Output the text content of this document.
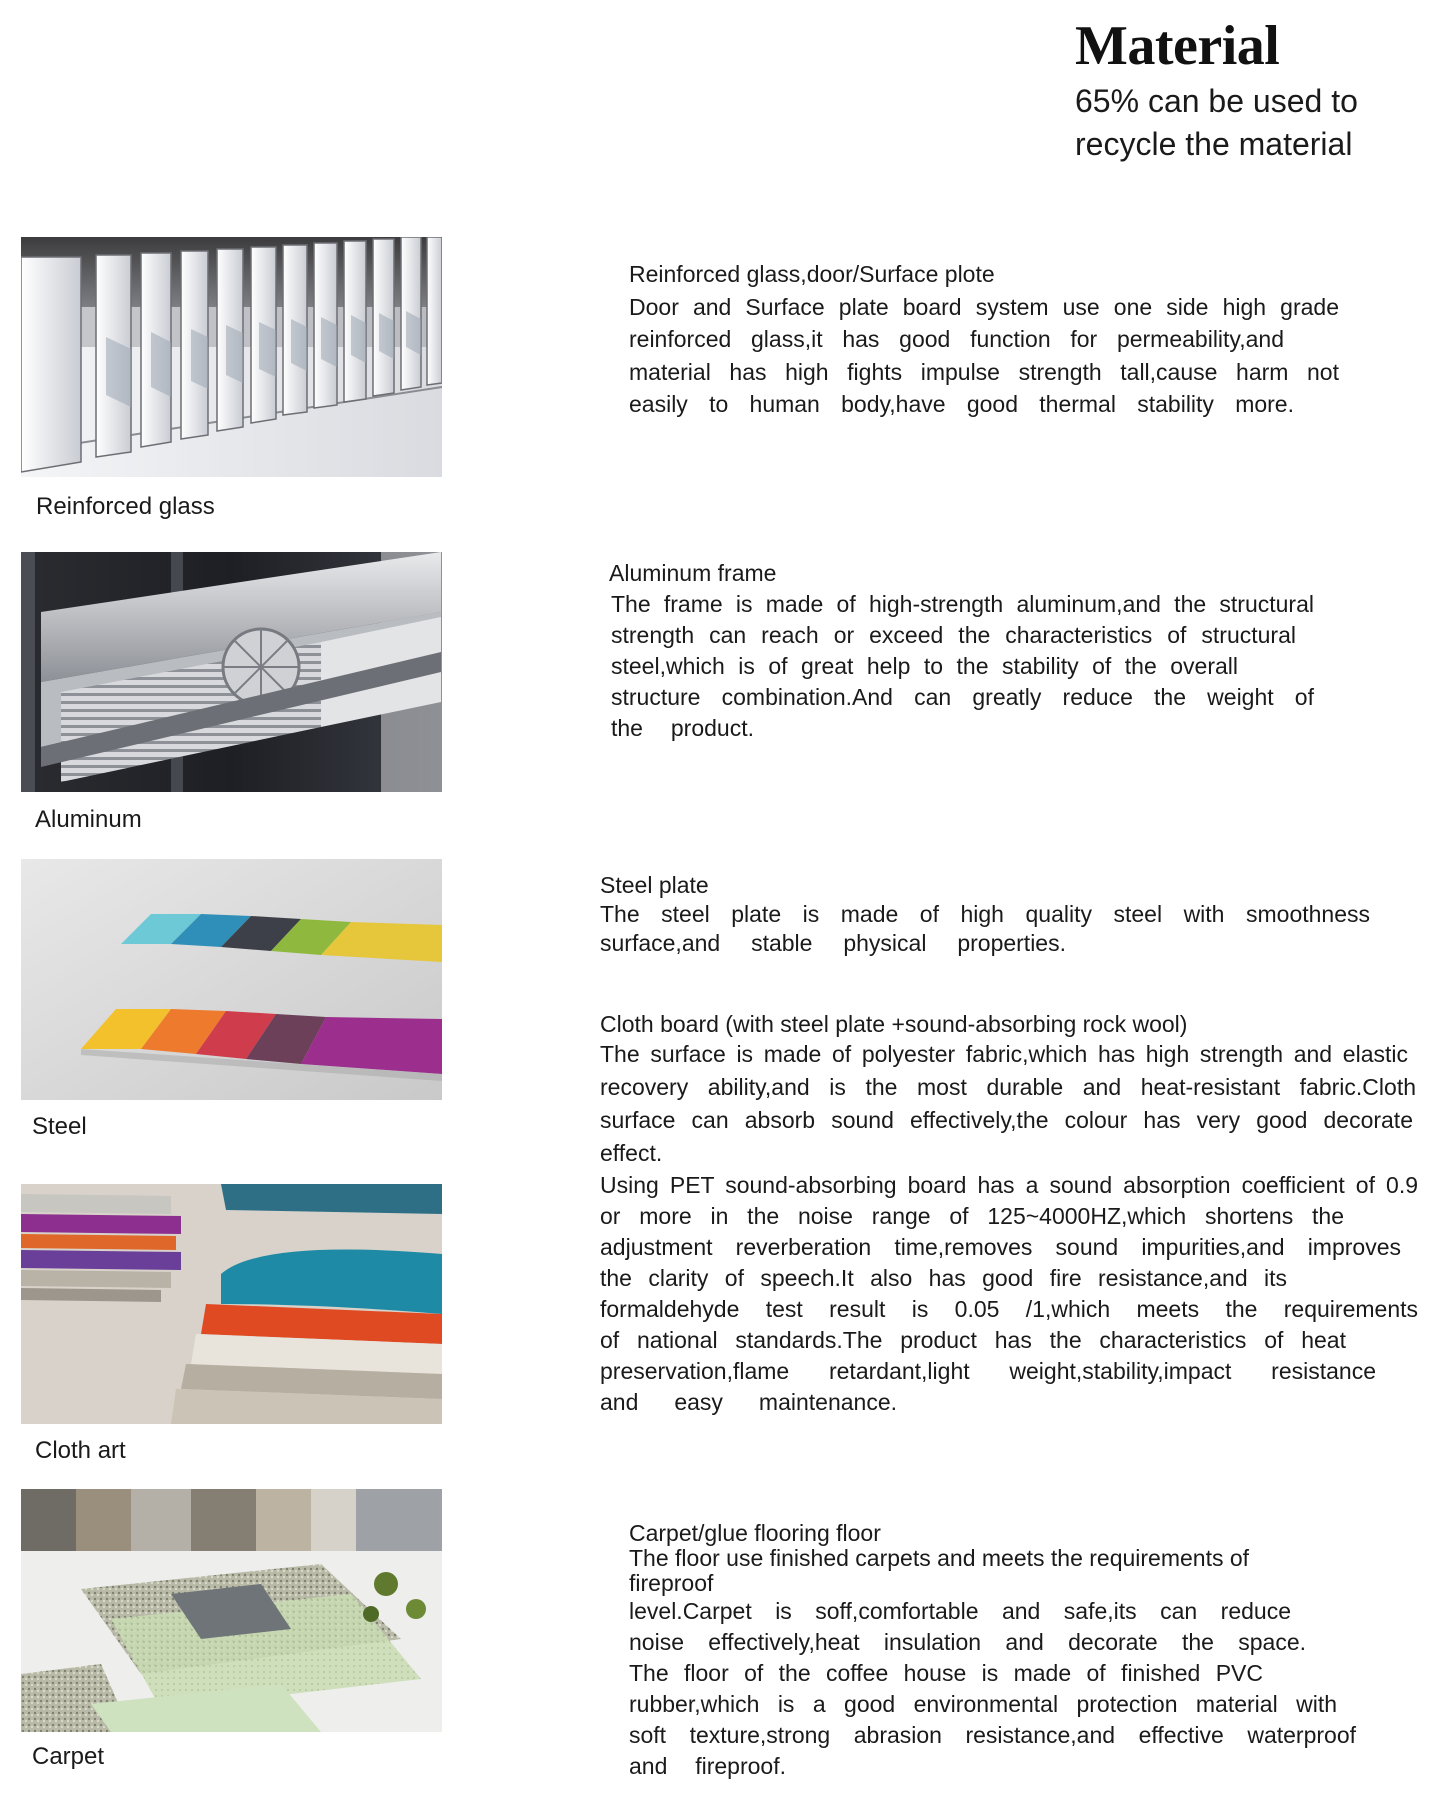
Material

65% can be used to recycle the material

Reinforced glass

Reinforced glass,door/Surface plote

Door and Surface plate board system use one side high grade

reinforced glass,it has good function for permeability,and

material has high fights impulse strength tall,cause harm not

easily to human body,have good thermal stability more.

Aluminum

Aluminum frame

The frame is made of high-strength aluminum,and the structural

strength can reach or exceed the characteristics of structural

steel,which is of great help to the stability of the overall

structure combination.And can greatly reduce the weight of

the product.

Steel

Steel plate

The steel plate is made of high quality steel with smoothness

surface,and stable physical properties.

Cloth art

Cloth board (with steel plate +sound-absorbing rock wool)

The surface is made of polyester fabric,which has high strength and elastic

recovery ability,and is the most durable and heat-resistant fabric.Cloth

surface can absorb sound effectively,the colour has very good decorate

effect.

Using PET sound-absorbing board has a sound absorption coefficient of 0.9

or more in the noise range of 125~4000HZ,which shortens the

adjustment reverberation time,removes sound impurities,and improves

the clarity of speech.It also has good fire resistance,and its

formaldehyde test result is 0.05 /1,which meets the requirements

of national standards.The product has the characteristics of heat

preservation,flame retardant,light weight,stability,impact resistance

and easy maintenance.

Carpet

Carpet/glue flooring floor

The floor use finished carpets and meets the requirements of

fireproof

level.Carpet is soff,comfortable and safe,its can reduce

noise effectively,heat insulation and decorate the space.

The floor of the coffee house is made of finished PVC

rubber,which is a good environmental protection material with

soft texture,strong abrasion resistance,and effective waterproof

and fireproof.
